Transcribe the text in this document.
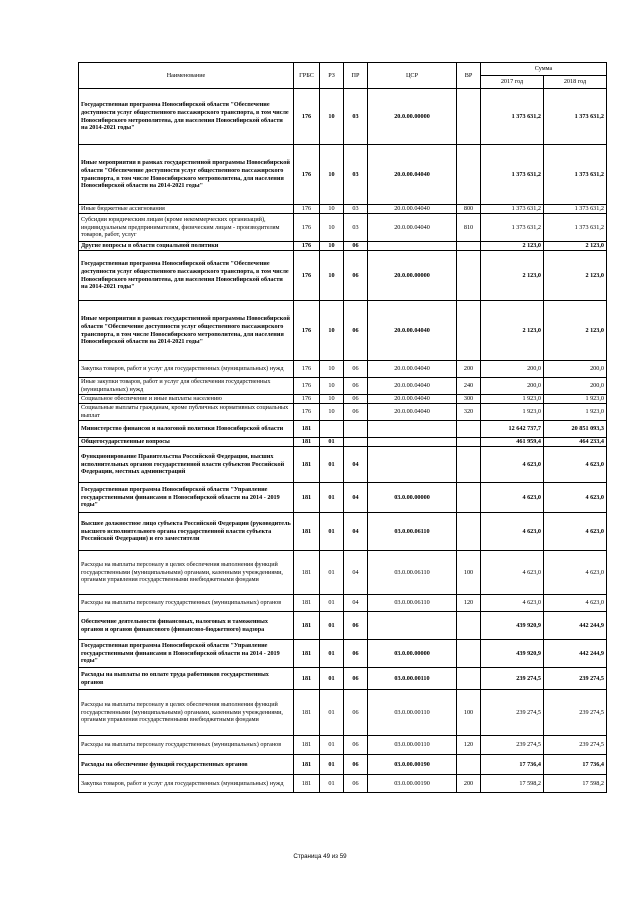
Наименование	ГРБС	РЗ	ПР	ЦСР	ВР	Сумма	
						2017 год	2018 год
Государственная программа Новосибирской области "Обеспечение доступности услуг общественного пассажирского транспорта, в том числе Новосибирского метрополитена, для населения Новосибирской области на 2014-2021 годы"	176	10	03	20.0.00.00000		1 373 631,2	1 373 631,2
Иные мероприятия в рамках государственной программы Новосибирской области "Обеспечение доступности услуг общественного пассажирского транспорта, в том числе Новосибирского метрополитена, для населения Новосибирской области на 2014-2021 годы"	176	10	03	20.0.00.04040		1 373 631,2	1 373 631,2
Иные бюджетные ассигнования	176	10	03	20.0.00.04040	800	1 373 631,2	1 373 631,2
Субсидии юридическим лицам (кроме некоммерческих организаций), индивидуальным предпринимателям, физическим лицам - производителям товаров, работ, услуг	176	10	03	20.0.00.04040	810	1 373 631,2	1 373 631,2
Другие вопросы в области социальной политики	176	10	06			2 123,0	2 123,0
Государственная программа Новосибирской области "Обеспечение доступности услуг общественного пассажирского транспорта, в том числе Новосибирского метрополитена, для населения Новосибирской области на 2014-2021 годы"	176	10	06	20.0.00.00000		2 123,0	2 123,0
Иные мероприятия в рамках государственной программы Новосибирской области "Обеспечение доступности услуг общественного пассажирского транспорта, в том числе Новосибирского метрополитена, для населения Новосибирской области на 2014-2021 годы"	176	10	06	20.0.00.04040		2 123,0	2 123,0
Закупка товаров, работ и услуг для государственных (муниципальных) нужд	176	10	06	20.0.00.04040	200	200,0	200,0
Иные закупки товаров, работ и услуг для обеспечения государственных (муниципальных) нужд	176	10	06	20.0.00.04040	240	200,0	200,0
Социальное обеспечение и иные выплаты населению	176	10	06	20.0.00.04040	300	1 923,0	1 923,0
Социальные выплаты гражданам, кроме публичных нормативных социальных выплат	176	10	06	20.0.00.04040	320	1 923,0	1 923,0
Министерство финансов и налоговой политики Новосибирской области	181					12 642 737,7	20 851 093,3
Общегосударственные вопросы	181	01				461 959,4	464 233,4
Функционирование Правительства Российской Федерации, высших исполнительных органов государственной власти субъектов Российской Федерации, местных администраций	181	01	04			4 623,0	4 623,0
Государственная программа Новосибирской области "Управление государственными финансами в Новосибирской области на 2014 - 2019 годы"	181	01	04	03.0.00.00000		4 623,0	4 623,0
Высшее должностное лицо субъекта Российской Федерации (руководитель высшего исполнительного органа государственной власти субъекта Российской Федерации) и его заместители	181	01	04	03.0.00.06110		4 623,0	4 623,0
Расходы на выплаты персоналу в целях обеспечения выполнения функций государственными (муниципальными) органами, казенными учреждениями, органами управления государственными внебюджетными фондами	181	01	04	03.0.00.06110	100	4 623,0	4 623,0
Расходы на выплаты персоналу государственных (муниципальных) органов	181	01	04	03.0.00.06110	120	4 623,0	4 623,0
Обеспечение деятельности финансовых, налоговых и таможенных органов и органов финансового (финансово-бюджетного) надзора	181	01	06			439 920,9	442 244,9
Государственная программа Новосибирской области "Управление государственными финансами в Новосибирской области на 2014 - 2019 годы"	181	01	06	03.0.00.00000		439 920,9	442 244,9
Расходы на выплаты по оплате труда работников государственных органов	181	01	06	03.0.00.00110		239 274,5	239 274,5
Расходы на выплаты персоналу в целях обеспечения выполнения функций государственными (муниципальными) органами, казенными учреждениями, органами управления государственными внебюджетными фондами	181	01	06	03.0.00.00110	100	239 274,5	239 274,5
Расходы на выплаты персоналу государственных (муниципальных) органов	181	01	06	03.0.00.00110	120	239 274,5	239 274,5
Расходы на обеспечение функций государственных органов	181	01	06	03.0.00.00190		17 736,4	17 736,4
Закупка товаров, работ и услуг для государственных (муниципальных) нужд	181	01	06	03.0.00.00190	200	17 598,2	17 598,2
Страница 49 из 59
